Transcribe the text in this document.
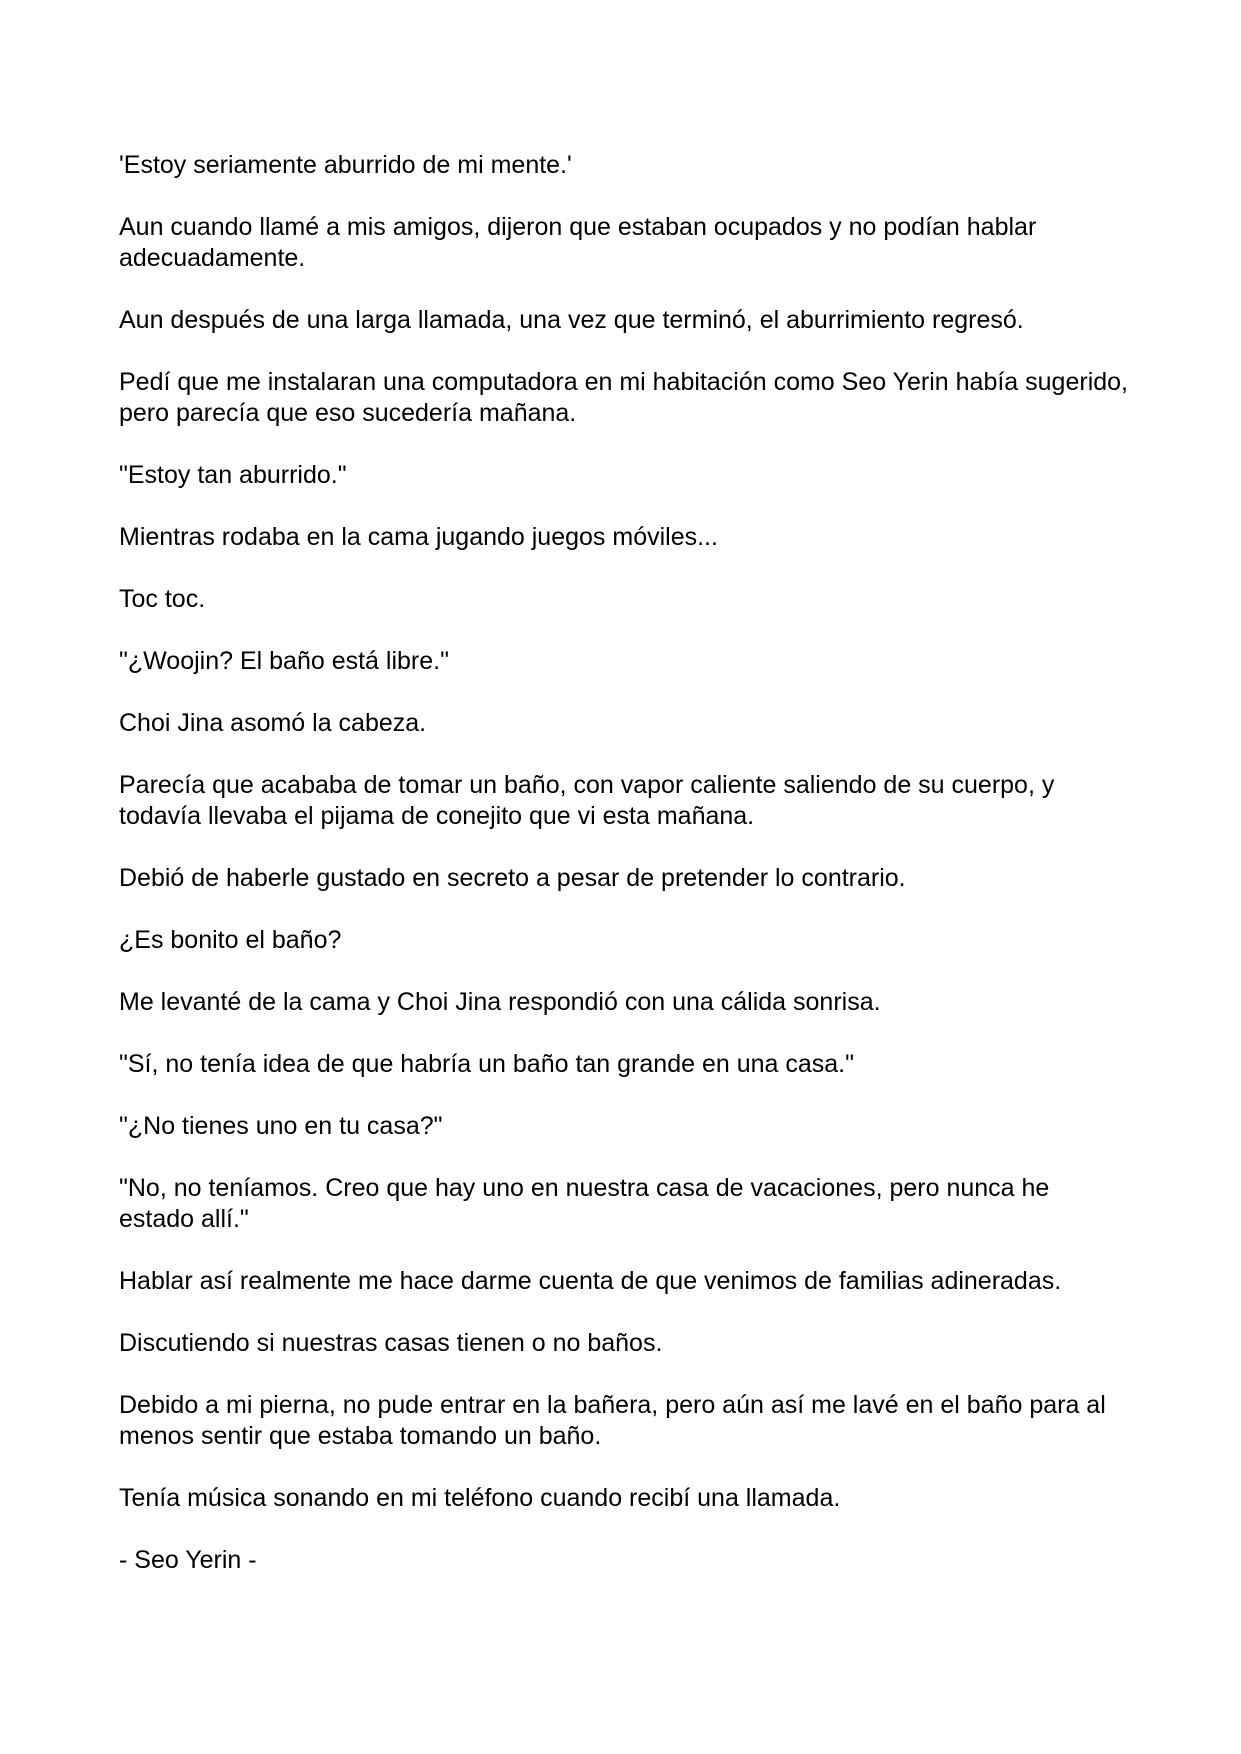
'Estoy seriamente aburrido de mi mente.'

Aun cuando llamé a mis amigos, dijeron que estaban ocupados y no podían hablar adecuadamente.

Aun después de una larga llamada, una vez que terminó, el aburrimiento regresó.

Pedí que me instalaran una computadora en mi habitación como Seo Yerin había sugerido, pero parecía que eso sucedería mañana.

"Estoy tan aburrido."

Mientras rodaba en la cama jugando juegos móviles...

Toc toc.

"¿Woojin? El baño está libre."

Choi Jina asomó la cabeza.

Parecía que acababa de tomar un baño, con vapor caliente saliendo de su cuerpo, y todavía llevaba el pijama de conejito que vi esta mañana.

Debió de haberle gustado en secreto a pesar de pretender lo contrario.

¿Es bonito el baño?

Me levanté de la cama y Choi Jina respondió con una cálida sonrisa.

"Sí, no tenía idea de que habría un baño tan grande en una casa."

"¿No tienes uno en tu casa?"

"No, no teníamos. Creo que hay uno en nuestra casa de vacaciones, pero nunca he estado allí."

Hablar así realmente me hace darme cuenta de que venimos de familias adineradas.

Discutiendo si nuestras casas tienen o no baños.

Debido a mi pierna, no pude entrar en la bañera, pero aún así me lavé en el baño para al menos sentir que estaba tomando un baño.

Tenía música sonando en mi teléfono cuando recibí una llamada.

- Seo Yerin -
